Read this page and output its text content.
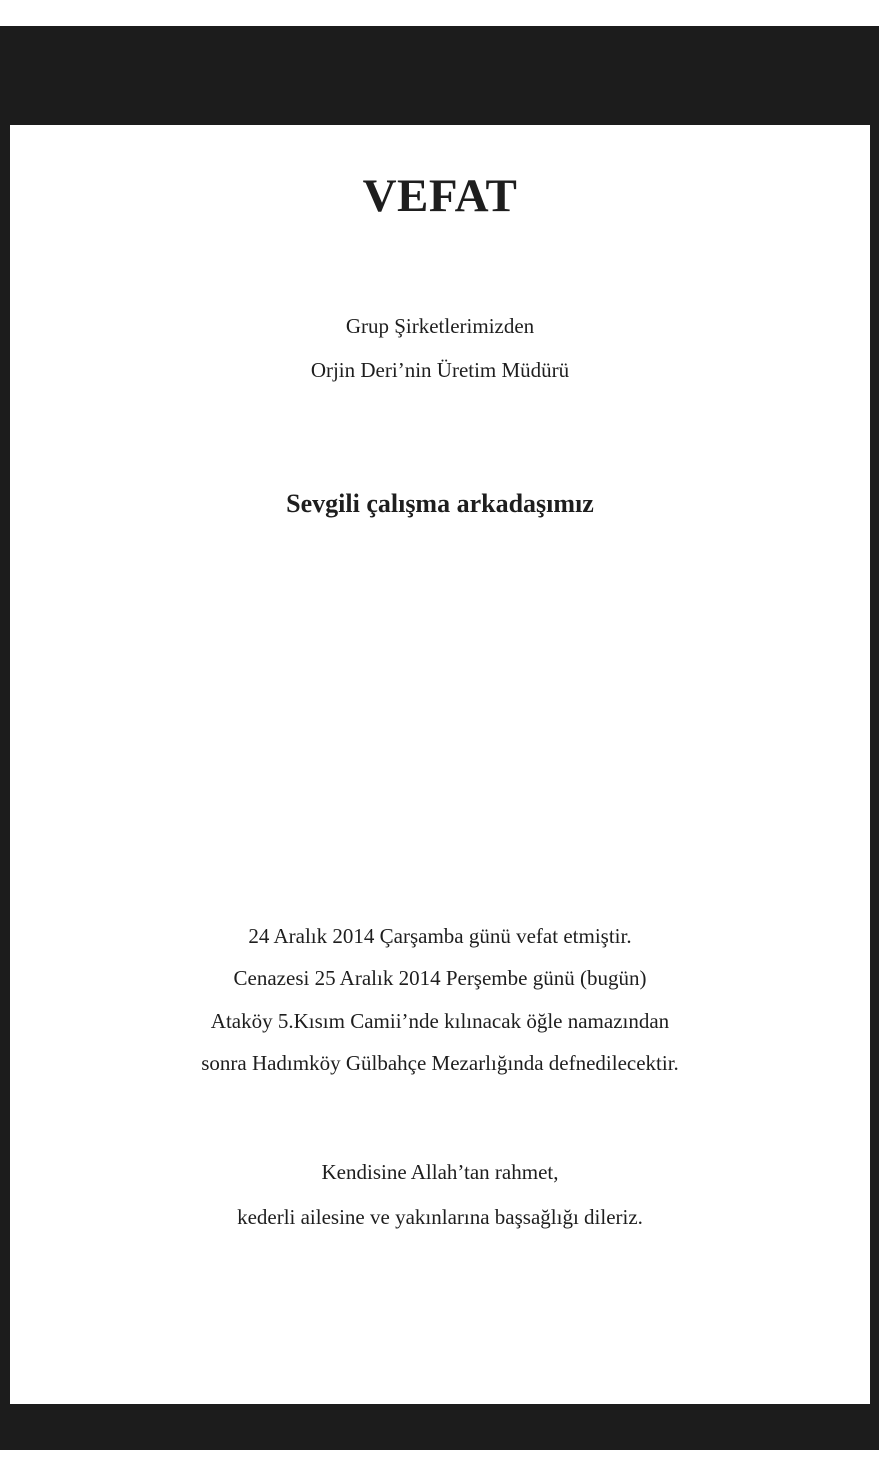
VEFAT
Grup Şirketlerimizden
Orjin Deri’nin Üretim Müdürü
Sevgili çalışma arkadaşımız
24 Aralık 2014 Çarşamba günü vefat etmiştir.
Cenazesi 25 Aralık 2014 Perşembe günü (bugün)
Ataköy 5.Kısım Camii’nde kılınacak öğle namazından
sonra Hadımköy Gülbahçe Mezarlığında defnedilecektir.
Kendisine Allah’tan rahmet,
kederli ailesine ve yakınlarına başsağlığı dileriz.
